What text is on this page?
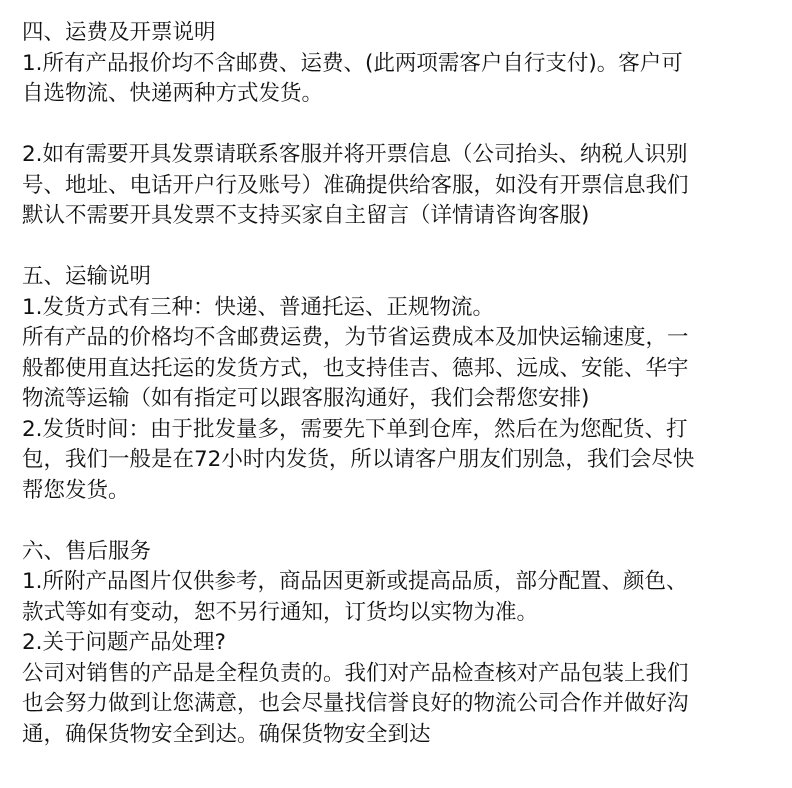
四、运费及开票说明
1.所有产品报价均不含邮费、运费、(此两项需客户自行支付)。客户可
自选物流、快递两种方式发货。
2.如有需要开具发票请联系客服并将开票信息（公司抬头、纳税人识别
号、地址、电话开户行及账号）准确提供给客服，如没有开票信息我们
默认不需要开具发票不支持买家自主留言（详情请咨询客服)
五、运输说明
1.发货方式有三种：快递、普通托运、正规物流。
所有产品的价格均不含邮费运费，为节省运费成本及加快运输速度，一
般都使用直达托运的发货方式，也支持佳吉、德邦、远成、安能、华宇
物流等运输（如有指定可以跟客服沟通好，我们会帮您安排)
2.发货时间：由于批发量多，需要先下单到仓库，然后在为您配货、打
包，我们一般是在72小时内发货，所以请客户朋友们别急，我们会尽快
帮您发货。
六、售后服务
1.所附产品图片仅供参考，商品因更新或提高品质，部分配置、颜色、
款式等如有变动，恕不另行通知，订货均以实物为准。
2.关于问题产品处理?
公司对销售的产品是全程负责的。我们对产品检查核对产品包装上我们
也会努力做到让您满意，也会尽量找信誉良好的物流公司合作并做好沟
通，确保货物安全到达。确保货物安全到达
